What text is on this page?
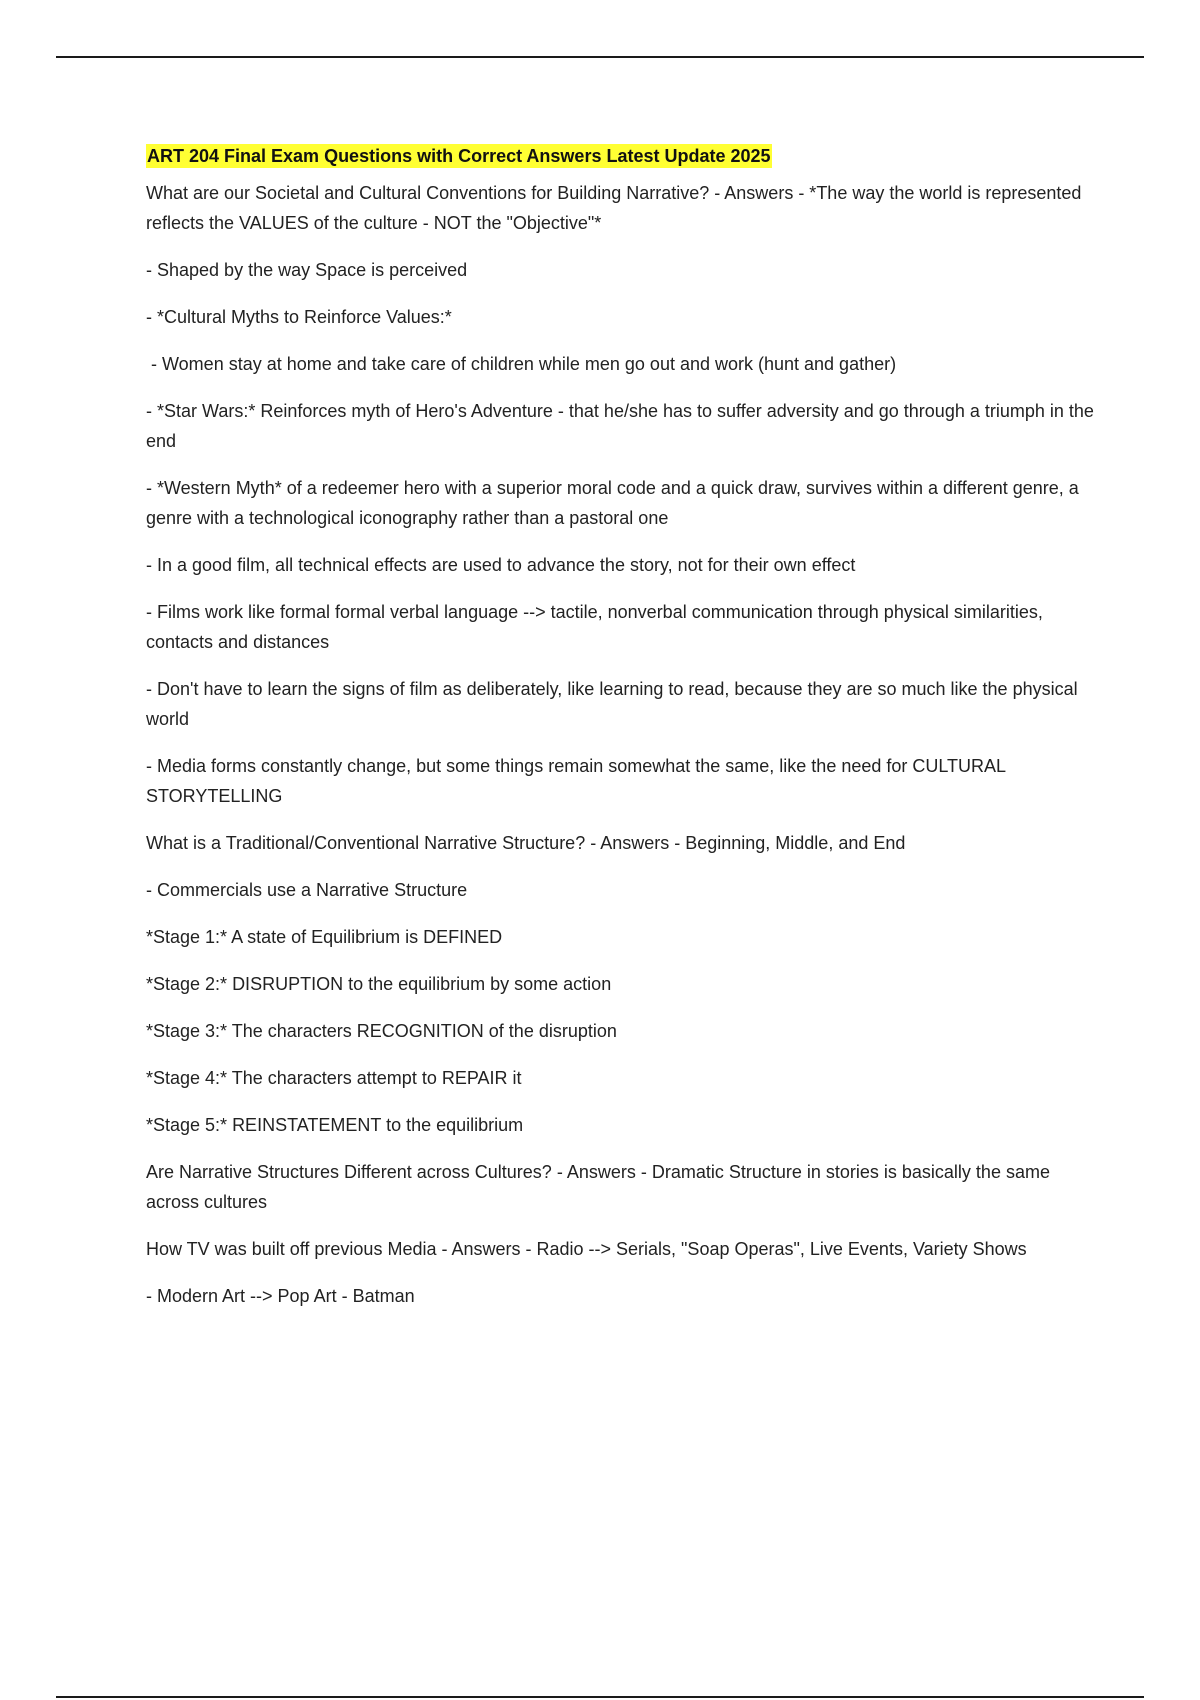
ART 204 Final Exam Questions with Correct Answers Latest Update 2025

What are our Societal and Cultural Conventions for Building Narrative? - Answers - *The way the world is represented reflects the VALUES of the culture - NOT the "Objective"*

- Shaped by the way Space is perceived

- *Cultural Myths to Reinforce Values:*

- Women stay at home and take care of children while men go out and work (hunt and gather)

- *Star Wars:* Reinforces myth of Hero's Adventure - that he/she has to suffer adversity and go through a triumph in the end

- *Western Myth* of a redeemer hero with a superior moral code and a quick draw, survives within a different genre, a genre with a technological iconography rather than a pastoral one

- In a good film, all technical effects are used to advance the story, not for their own effect

- Films work like formal formal verbal language --> tactile, nonverbal communication through physical similarities, contacts and distances

- Don't have to learn the signs of film as deliberately, like learning to read, because they are so much like the physical world

- Media forms constantly change, but some things remain somewhat the same, like the need for CULTURAL STORYTELLING

What is a Traditional/Conventional Narrative Structure? - Answers - Beginning, Middle, and End

- Commercials use a Narrative Structure

*Stage 1:* A state of Equilibrium is DEFINED

*Stage 2:* DISRUPTION to the equilibrium by some action

*Stage 3:* The characters RECOGNITION of the disruption

*Stage 4:* The characters attempt to REPAIR it

*Stage 5:* REINSTATEMENT to the equilibrium

Are Narrative Structures Different across Cultures? - Answers - Dramatic Structure in stories is basically the same across cultures

How TV was built off previous Media - Answers - Radio --> Serials, "Soap Operas", Live Events, Variety Shows

- Modern Art --> Pop Art - Batman
